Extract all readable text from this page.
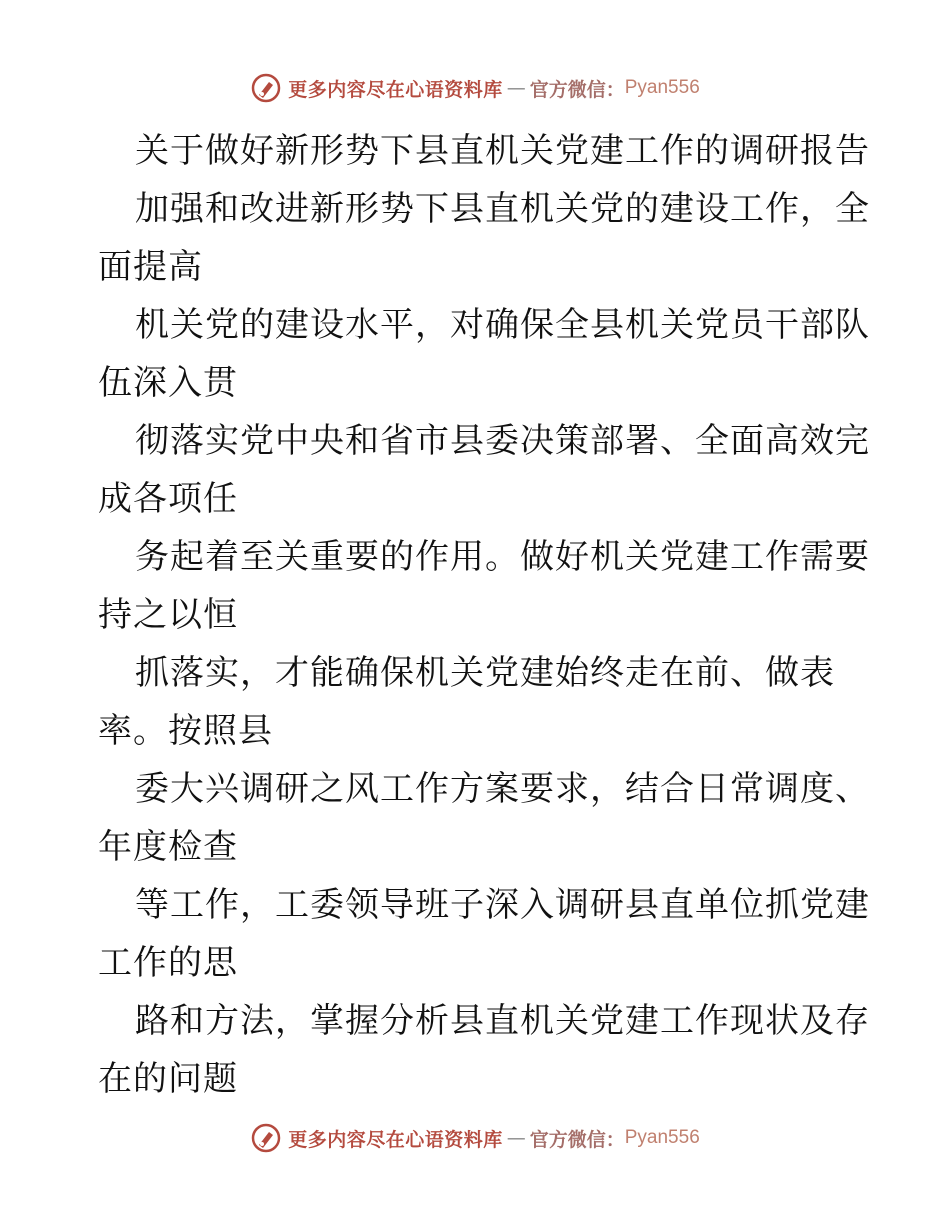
更多内容尽在心语资料库 — 官方微信： Pyan556
关于做好新形势下县直机关党建工作的调研报告
加强和改进新形势下县直机关党的建设工作，全
面提高
机关党的建设水平，对确保全县机关党员干部队
伍深入贯
彻落实党中央和省市县委决策部署、全面高效完
成各项任
务起着至关重要的作用。做好机关党建工作需要
持之以恒
抓落实，才能确保机关党建始终走在前、做表
率。按照县
委大兴调研之风工作方案要求，结合日常调度、
年度检查
等工作，工委领导班子深入调研县直单位抓党建
工作的思
路和方法，掌握分析县直机关党建工作现状及存
在的问题
更多内容尽在心语资料库 — 官方微信： Pyan556
